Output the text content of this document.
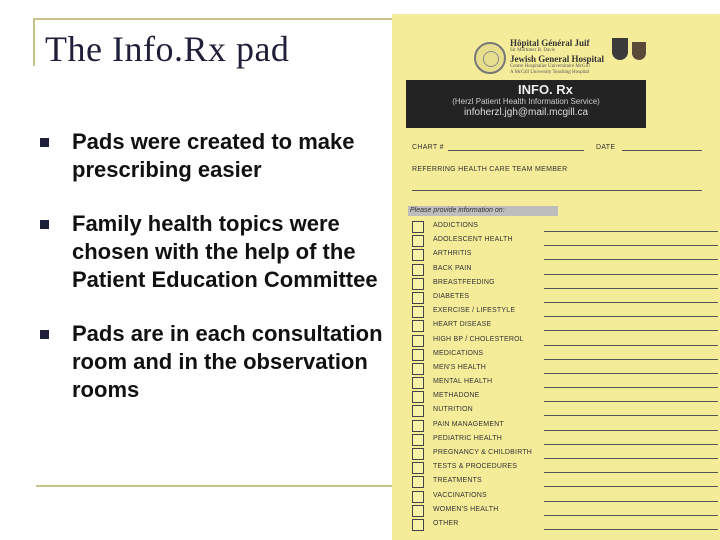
The Info.Rx pad
Pads were created to make prescribing easier
Family health topics were chosen with the help of the Patient Education Committee
Pads are in each consultation room and in the observation rooms
Hôpital Général Juif
Sir Mortimer B. Davis
Jewish General Hospital
Centre Hospitalier Universitaire McGill
A McGill University Teaching Hospital
INFO. Rx
(Herzl Patient Health Information Service)
infoherzl.jgh@mail.mcgill.ca
CHART #	DATE
REFERRING HEALTH CARE TEAM MEMBER
Please provide information on:
ADDICTIONS
ADOLESCENT HEALTH
ARTHRITIS
BACK PAIN
BREASTFEEDING
DIABETES
EXERCISE / LIFESTYLE
HEART DISEASE
HIGH BP / CHOLESTEROL
MEDICATIONS
MEN'S HEALTH
MENTAL HEALTH
METHADONE
NUTRITION
PAIN MANAGEMENT
PEDIATRIC HEALTH
PREGNANCY & CHILDBIRTH
TESTS & PROCEDURES
TREATMENTS
VACCINATIONS
WOMEN'S HEALTH
OTHER
